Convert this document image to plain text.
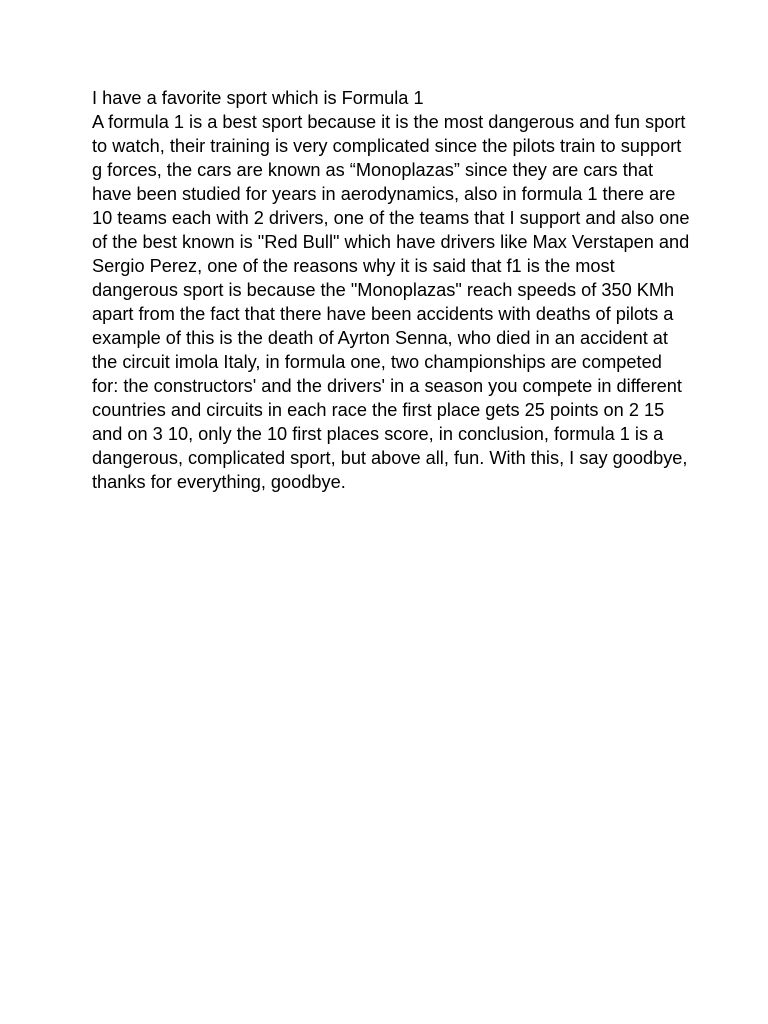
I have a favorite sport which is Formula 1

A formula 1 is a best sport because it is the most dangerous and fun sport to watch, their training is very complicated since the pilots train to support g forces, the cars are known as “Monoplazas” since they are cars that have been studied for years in aerodynamics, also in formula 1 there are 10 teams each with 2 drivers, one of the teams that I support and also one of the best known is "Red Bull" which have drivers like Max Verstapen and Sergio Perez, one of the reasons why it is said that f1 is the most dangerous sport is because the "Monoplazas" reach speeds of 350 KMh apart from the fact that there have been accidents with deaths of pilots a example of this is the death of Ayrton Senna, who died in an accident at the circuit imola Italy, in formula one, two championships are competed for: the constructors' and the drivers' in a season you compete in different countries and circuits in each race the first place gets 25 points on 2 15 and on 3 10, only the 10 first places score, in conclusion, formula 1 is a dangerous, complicated sport, but above all, fun. With this, I say goodbye, thanks for everything, goodbye.
